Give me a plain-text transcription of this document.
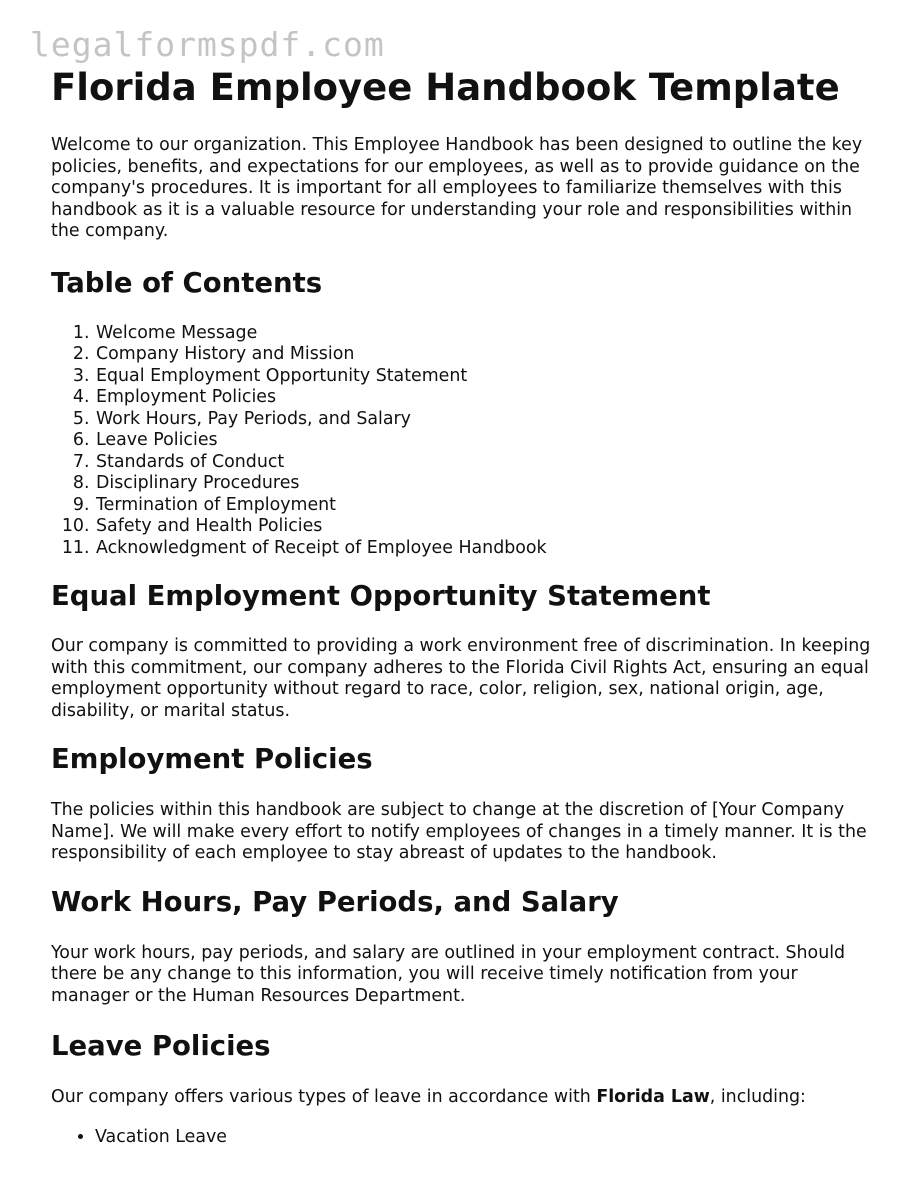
legalformspdf.com
Florida Employee Handbook Template

Welcome to our organization. This Employee Handbook has been designed to outline the key policies, benefits, and expectations for our employees, as well as to provide guidance on the company's procedures. It is important for all employees to familiarize themselves with this handbook as it is a valuable resource for understanding your role and responsibilities within the company.

Table of Contents
1. Welcome Message
2. Company History and Mission
3. Equal Employment Opportunity Statement
4. Employment Policies
5. Work Hours, Pay Periods, and Salary
6. Leave Policies
7. Standards of Conduct
8. Disciplinary Procedures
9. Termination of Employment
10. Safety and Health Policies
11. Acknowledgment of Receipt of Employee Handbook
Equal Employment Opportunity Statement

Our company is committed to providing a work environment free of discrimination. In keeping with this commitment, our company adheres to the Florida Civil Rights Act, ensuring an equal employment opportunity without regard to race, color, religion, sex, national origin, age, disability, or marital status.

Employment Policies

The policies within this handbook are subject to change at the discretion of [Your Company Name]. We will make every effort to notify employees of changes in a timely manner. It is the responsibility of each employee to stay abreast of updates to the handbook.

Work Hours, Pay Periods, and Salary

Your work hours, pay periods, and salary are outlined in your employment contract. Should there be any change to this information, you will receive timely notification from your manager or the Human Resources Department.

Leave Policies

Our company offers various types of leave in accordance with Florida Law, including:

• Vacation Leave
